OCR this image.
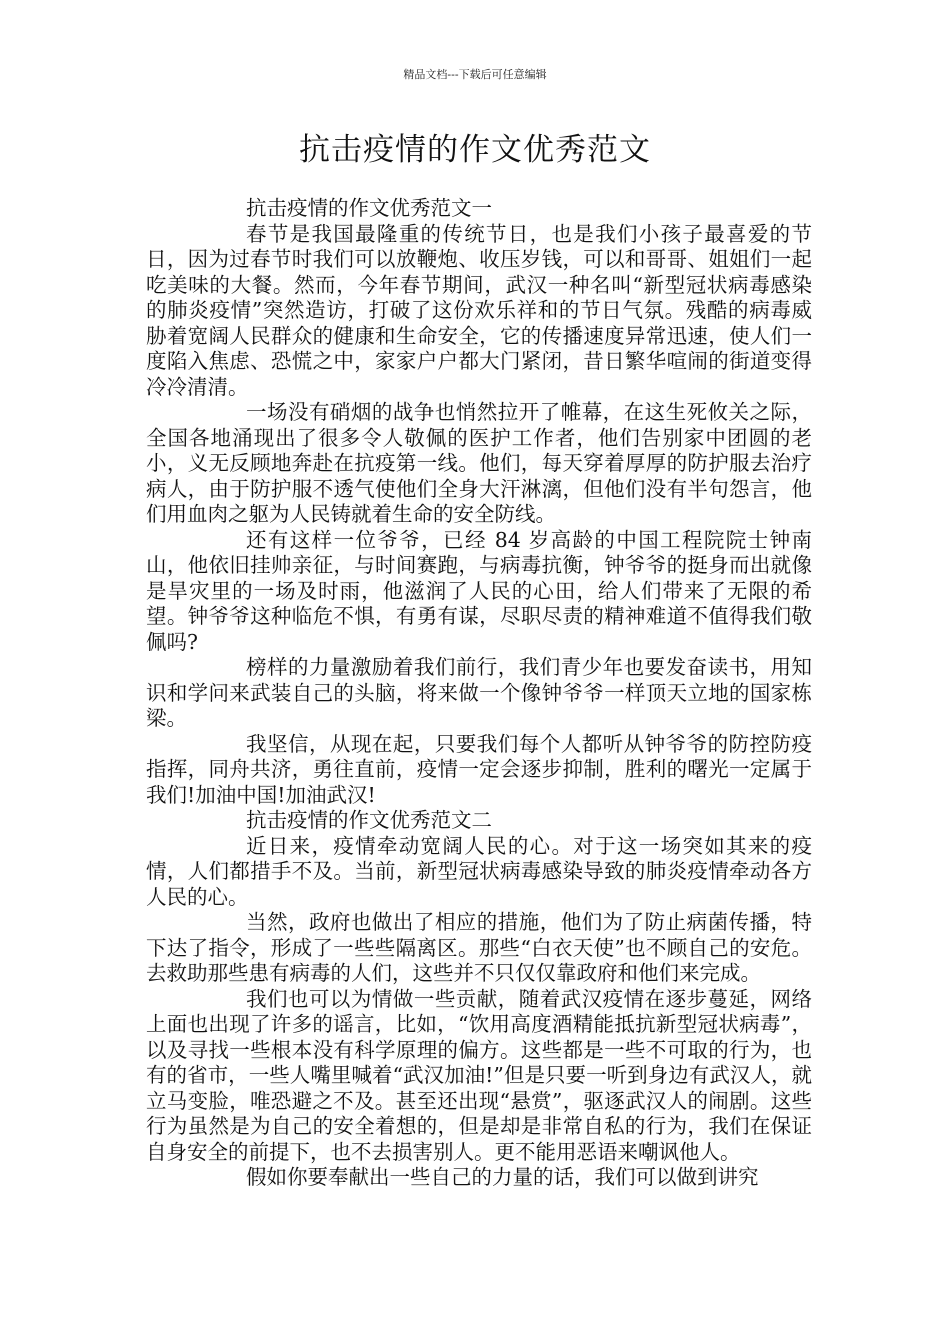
精品文档---下载后可任意编辑
抗击疫情的作文优秀范文

抗击疫情的作文优秀范文一

春节是我国最隆重的传统节日，也是我们小孩子最喜爱的节日，因为过春节时我们可以放鞭炮、收压岁钱，可以和哥哥、姐姐们一起吃美味的大餐。然而，今年春节期间，武汉一种名叫“新型冠状病毒感染的肺炎疫情”突然造访，打破了这份欢乐祥和的节日气氛。残酷的病毒威胁着宽阔人民群众的健康和生命安全，它的传播速度异常迅速，使人们一度陷入焦虑、恐慌之中，家家户户都大门紧闭，昔日繁华喧闹的街道变得冷冷清清。

一场没有硝烟的战争也悄然拉开了帷幕，在这生死攸关之际，全国各地涌现出了很多令人敬佩的医护工作者，他们告别家中团圆的老小，义无反顾地奔赴在抗疫第一线。他们，每天穿着厚厚的防护服去治疗病人，由于防护服不透气使他们全身大汗淋漓，但他们没有半句怨言，他们用血肉之躯为人民铸就着生命的安全防线。

还有这样一位爷爷，已经 84 岁高龄的中国工程院院士钟南山，他依旧挂帅亲征，与时间赛跑，与病毒抗衡，钟爷爷的挺身而出就像是旱灾里的一场及时雨，他滋润了人民的心田，给人们带来了无限的希望。钟爷爷这种临危不惧，有勇有谋，尽职尽责的精神难道不值得我们敬佩吗?

榜样的力量激励着我们前行，我们青少年也要发奋读书，用知识和学问来武装自己的头脑，将来做一个像钟爷爷一样顶天立地的国家栋梁。

我坚信，从现在起，只要我们每个人都听从钟爷爷的防控防疫指挥，同舟共济，勇往直前，疫情一定会逐步抑制，胜利的曙光一定属于我们!加油中国!加油武汉!

抗击疫情的作文优秀范文二

近日来，疫情牵动宽阔人民的心。对于这一场突如其来的疫情，人们都措手不及。当前，新型冠状病毒感染导致的肺炎疫情牵动各方人民的心。

当然，政府也做出了相应的措施，他们为了防止病菌传播，特下达了指令，形成了一些些隔离区。那些“白衣天使”也不顾自己的安危。去救助那些患有病毒的人们，这些并不只仅仅靠政府和他们来完成。

我们也可以为情做一些贡献，随着武汉疫情在逐步蔓延，网络上面也出现了许多的谣言，比如，“饮用高度酒精能抵抗新型冠状病毒”，以及寻找一些根本没有科学原理的偏方。这些都是一些不可取的行为，也有的省市，一些人嘴里喊着“武汉加油!”但是只要一听到身边有武汉人，就立马变脸，唯恐避之不及。甚至还出现“悬赏”，驱逐武汉人的闹剧。这些行为虽然是为自己的安全着想的，但是却是非常自私的行为，我们在保证自身安全的前提下，也不去损害别人。更不能用恶语来嘲讽他人。

假如你要奉献出一些自己的力量的话，我们可以做到讲究
